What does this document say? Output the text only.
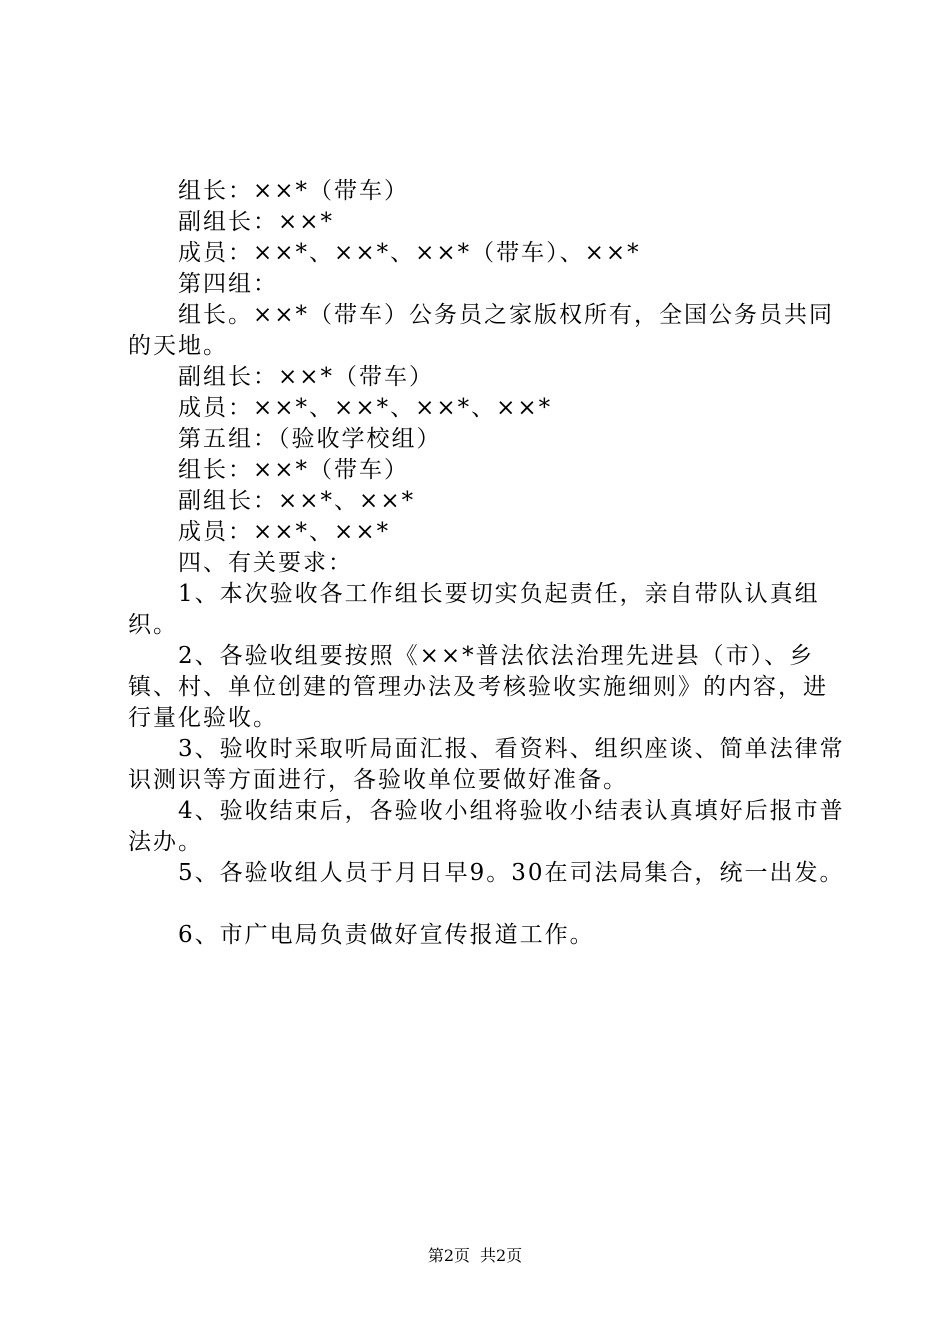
组长：××*（带车）

副组长：××*

成员：××*、××*、××*（带车）、××*

第四组：

组长。××*（带车）公务员之家版权所有，全国公务员共同的天地。

副组长：××*（带车）

成员：××*、××*、××*、××*

第五组：（验收学校组）

组长：××*（带车）

副组长：××*、××*

成员：××*、××*

四、有关要求：

1、本次验收各工作组长要切实负起责任，亲自带队认真组织。

2、各验收组要按照《××*普法依法治理先进县（市）、乡镇、村、单位创建的管理办法及考核验收实施细则》的内容，进行量化验收。

3、验收时采取听局面汇报、看资料、组织座谈、简单法律常识测识等方面进行，各验收单位要做好准备。

4、验收结束后，各验收小组将验收小结表认真填好后报市普法办。

5、各验收组人员于月日早9。30在司法局集合，统一出发。

6、市广电局负责做好宣传报道工作。

第2页 共2页
